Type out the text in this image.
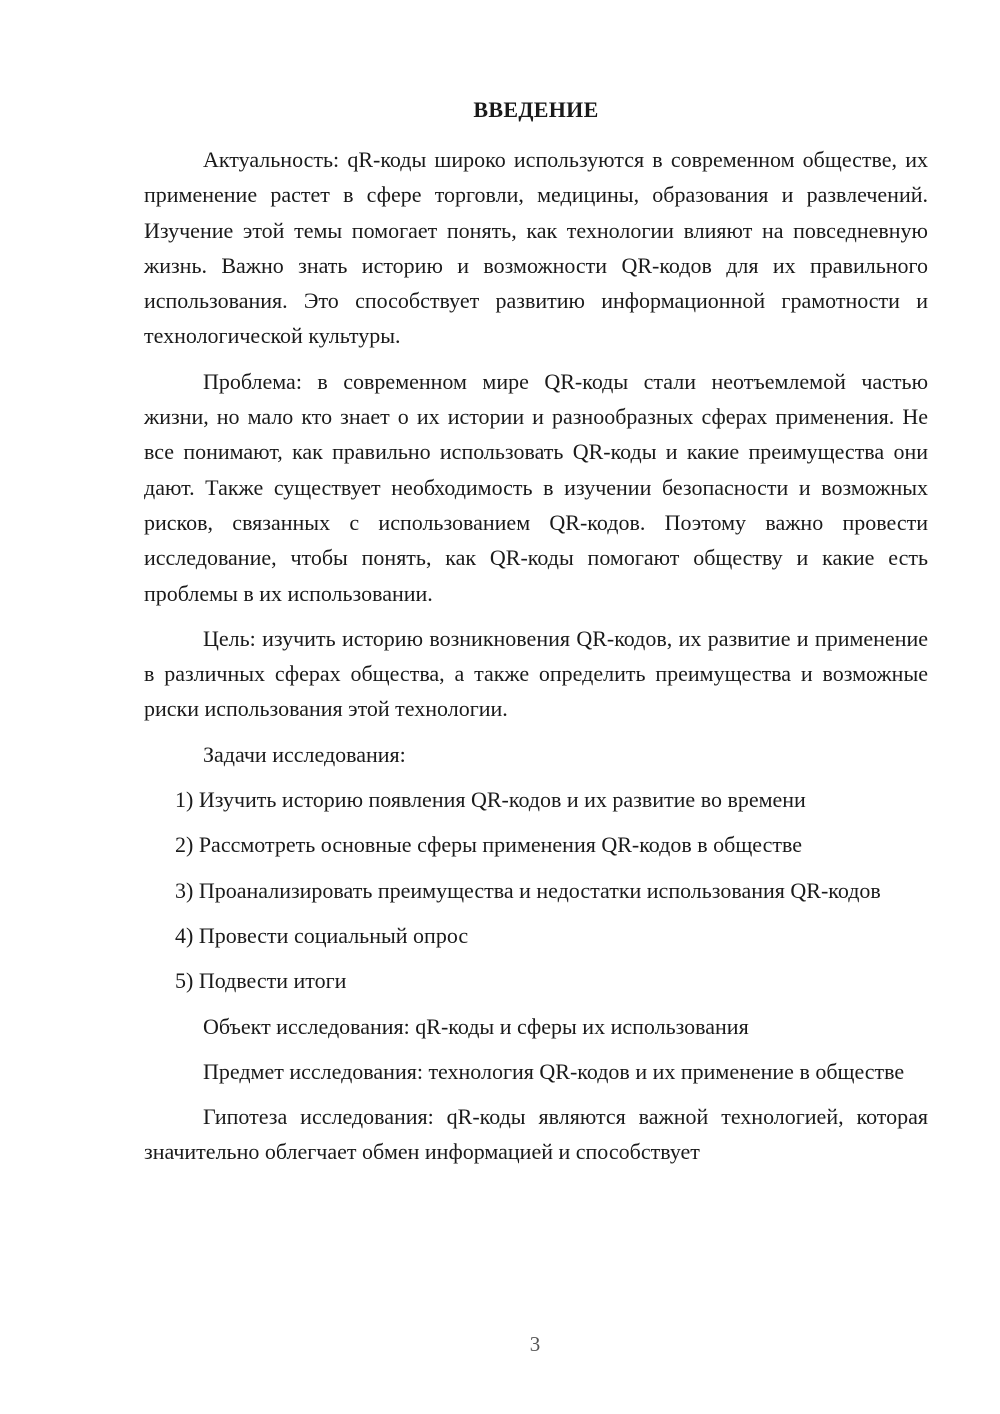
ВВЕДЕНИЕ

Актуальность: qR-коды широко используются в современном обществе, их применение растет в сфере торговли, медицины, образования и развлечений. Изучение этой темы помогает понять, как технологии влияют на повседневную жизнь. Важно знать историю и возможности QR-кодов для их правильного использования. Это способствует развитию информационной грамотности и технологической культуры.

Проблема: в современном мире QR-коды стали неотъемлемой частью жизни, но мало кто знает о их истории и разнообразных сферах применения. Не все понимают, как правильно использовать QR-коды и какие преимущества они дают. Также существует необходимость в изучении безопасности и возможных рисков, связанных с использованием QR-кодов. Поэтому важно провести исследование, чтобы понять, как QR-коды помогают обществу и какие есть проблемы в их использовании.

Цель: изучить историю возникновения QR-кодов, их развитие и применение в различных сферах общества, а также определить преимущества и возможные риски использования этой технологии.

Задачи исследования:

1) Изучить историю появления QR-кодов и их развитие во времени

2) Рассмотреть основные сферы применения QR-кодов в обществе

3) Проанализировать преимущества и недостатки использования QR-кодов

4) Провести социальный опрос

5) Подвести итоги

Объект исследования: qR-коды и сферы их использования

Предмет исследования: технология QR-кодов и их применение в обществе

Гипотеза исследования: qR-коды являются важной технологией, которая значительно облегчает обмен информацией и способствует

3
